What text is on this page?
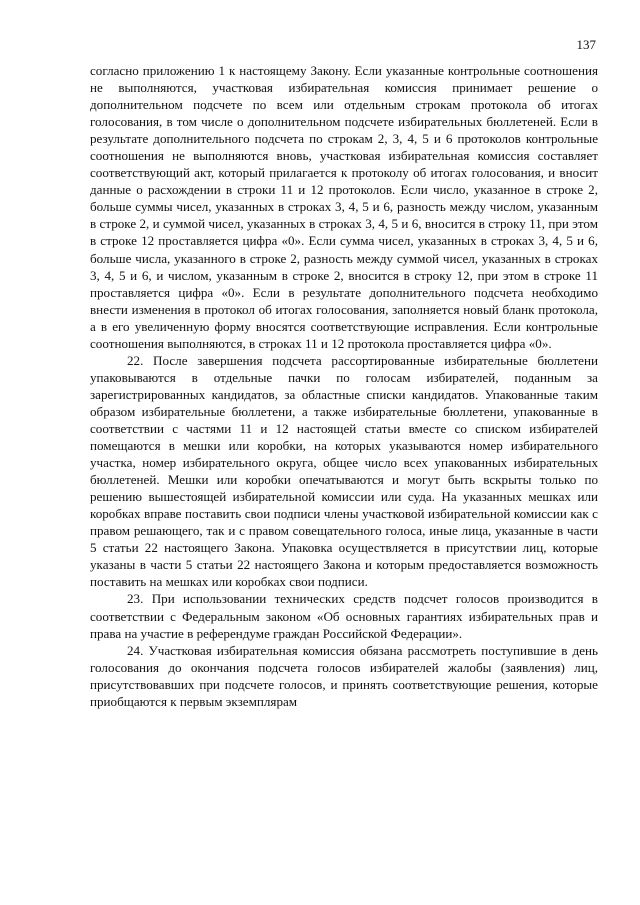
137

согласно приложению 1 к настоящему Закону. Если указанные контрольные соотношения не выполняются, участковая избирательная комиссия принимает решение о дополнительном подсчете по всем или отдельным строкам протокола об итогах голосования, в том числе о дополнительном подсчете избирательных бюллетеней. Если в результате дополнительного подсчета по строкам 2, 3, 4, 5 и 6 протоколов контрольные соотношения не выполняются вновь, участковая избирательная комиссия составляет соответствующий акт, который прилагается к протоколу об итогах голосования, и вносит данные о расхождении в строки 11 и 12 протоколов. Если число, указанное в строке 2, больше суммы чисел, указанных в строках 3, 4, 5 и 6, разность между числом, указанным в строке 2, и суммой чисел, указанных в строках 3, 4, 5 и 6, вносится в строку 11, при этом в строке 12 проставляется цифра «0». Если сумма чисел, указанных в строках 3, 4, 5 и 6, больше числа, указанного в строке 2, разность между суммой чисел, указанных в строках 3, 4, 5 и 6, и числом, указанным в строке 2, вносится в строку 12, при этом в строке 11 проставляется цифра «0». Если в результате дополнительного подсчета необходимо внести изменения в протокол об итогах голосования, заполняется новый бланк протокола, а в его увеличенную форму вносятся соответствующие исправления. Если контрольные соотношения выполняются, в строках 11 и 12 протокола проставляется цифра «0».

22. После завершения подсчета рассортированные избирательные бюллетени упаковываются в отдельные пачки по голосам избирателей, поданным за зарегистрированных кандидатов, за областные списки кандидатов. Упакованные таким образом избирательные бюллетени, а также избирательные бюллетени, упакованные в соответствии с частями 11 и 12 настоящей статьи вместе со списком избирателей помещаются в мешки или коробки, на которых указываются номер избирательного участка, номер избирательного округа, общее число всех упакованных избирательных бюллетеней. Мешки или коробки опечатываются и могут быть вскрыты только по решению вышестоящей избирательной комиссии или суда. На указанных мешках или коробках вправе поставить свои подписи члены участковой избирательной комиссии как с правом решающего, так и с правом совещательного голоса, иные лица, указанные в части 5 статьи 22 настоящего Закона. Упаковка осуществляется в присутствии лиц, которые указаны в части 5 статьи 22 настоящего Закона и которым предоставляется возможность поставить на мешках или коробках свои подписи.

23. При использовании технических средств подсчет голосов производится в соответствии с Федеральным законом «Об основных гарантиях избирательных прав и права на участие в референдуме граждан Российской Федерации».

24. Участковая избирательная комиссия обязана рассмотреть поступившие в день голосования до окончания подсчета голосов избирателей жалобы (заявления) лиц, присутствовавших при подсчете голосов, и принять соответствующие решения, которые приобщаются к первым экземплярам
